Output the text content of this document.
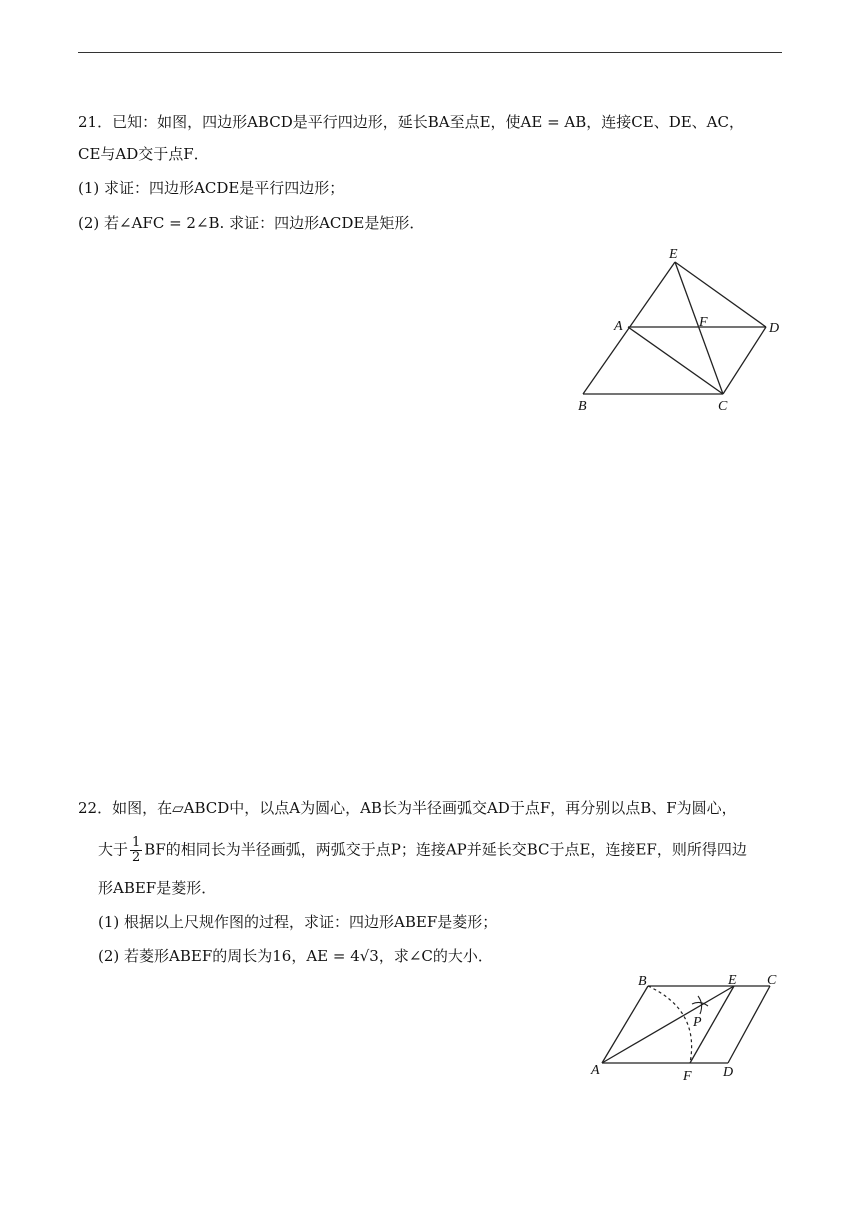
21．已知：如图，四边形ABCD是平行四边形，延长BA至点E，使AE = AB，连接CE、DE、AC，
CE与AD交于点F．
(1) 求证：四边形ACDE是平行四边形；
(2) 若∠AFC = 2∠B. 求证：四边形ACDE是矩形．
E
A	F	D
B	C
22．如图，在▱ABCD中，以点A为圆心，AB长为半径画弧交AD于点F，再分别以点B、F为圆心，
大于 $\frac{1}{2}$ BF的相同长为半径画弧，两弧交于点P；连接AP并延长交BC于点E，连接EF，则所得四边
形ABEF是菱形．
(1) 根据以上尺规作图的过程，求证：四边形ABEF是菱形；
(2) 若菱形ABEF的周长为16，AE = 4√3，求∠C的大小．
B	E C
P
A	F D
